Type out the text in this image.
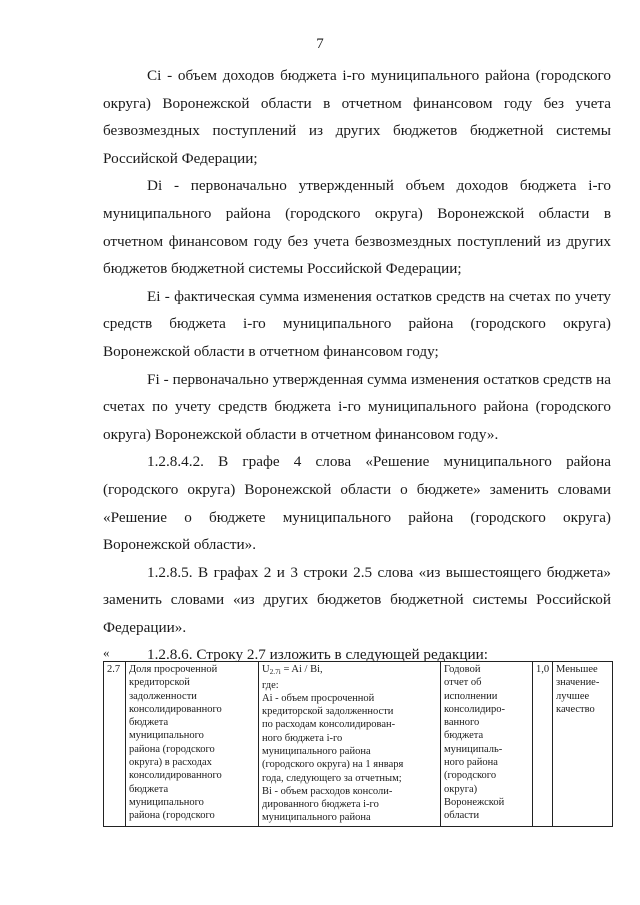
7

Ci - объем доходов бюджета i-го муниципального района (городского округа) Воронежской области в отчетном финансовом году без учета безвозмездных поступлений из других бюджетов бюджетной системы Российской Федерации;

Di - первоначально утвержденный объем доходов бюджета i-го муниципального района (городского округа) Воронежской области в отчетном финансовом году без учета безвозмездных поступлений из других бюджетов бюджетной системы Российской Федерации;

Ei - фактическая сумма изменения остатков средств на счетах по учету средств бюджета i-го муниципального района (городского округа) Воронежской области в отчетном финансовом году;

Fi - первоначально утвержденная сумма изменения остатков средств на счетах по учету средств бюджета i-го муниципального района (городского округа) Воронежской области в отчетном финансовом году».

1.2.8.4.2. В графе 4 слова «Решение муниципального района (городского округа) Воронежской области о бюджете» заменить словами «Решение о бюджете муниципального района (городского округа) Воронежской области».

1.2.8.5. В графах 2 и 3 строки 2.5 слова «из вышестоящего бюджета» заменить словами «из других бюджетов бюджетной системы Российской Федерации».

1.2.8.6. Строку 2.7 изложить в следующей редакции:

«
2.7	Доля просроченной
кредиторской
задолженности
консолидированного
бюджета
муниципального
района (городского
округа) в расходах
консолидированного
бюджета
муниципального
района (городского

$U_{2.7i} = Ai / Bi$,
где:
Ai - объем просроченной
кредиторской задолженности
по расходам консолидирован-
ного бюджета i-го
муниципального района
(городского округа) на 1 января
года, следующего за отчетным;
Bi - объем расходов консоли-
дированного бюджета i-го
муниципального района

Годовой
отчет об
исполнении
консолидиро-
ванного
бюджета
муниципаль-
ного района
(городского
округа)
Воронежской
области
	1,0	Меньшее
значение-
лучшее
качество
